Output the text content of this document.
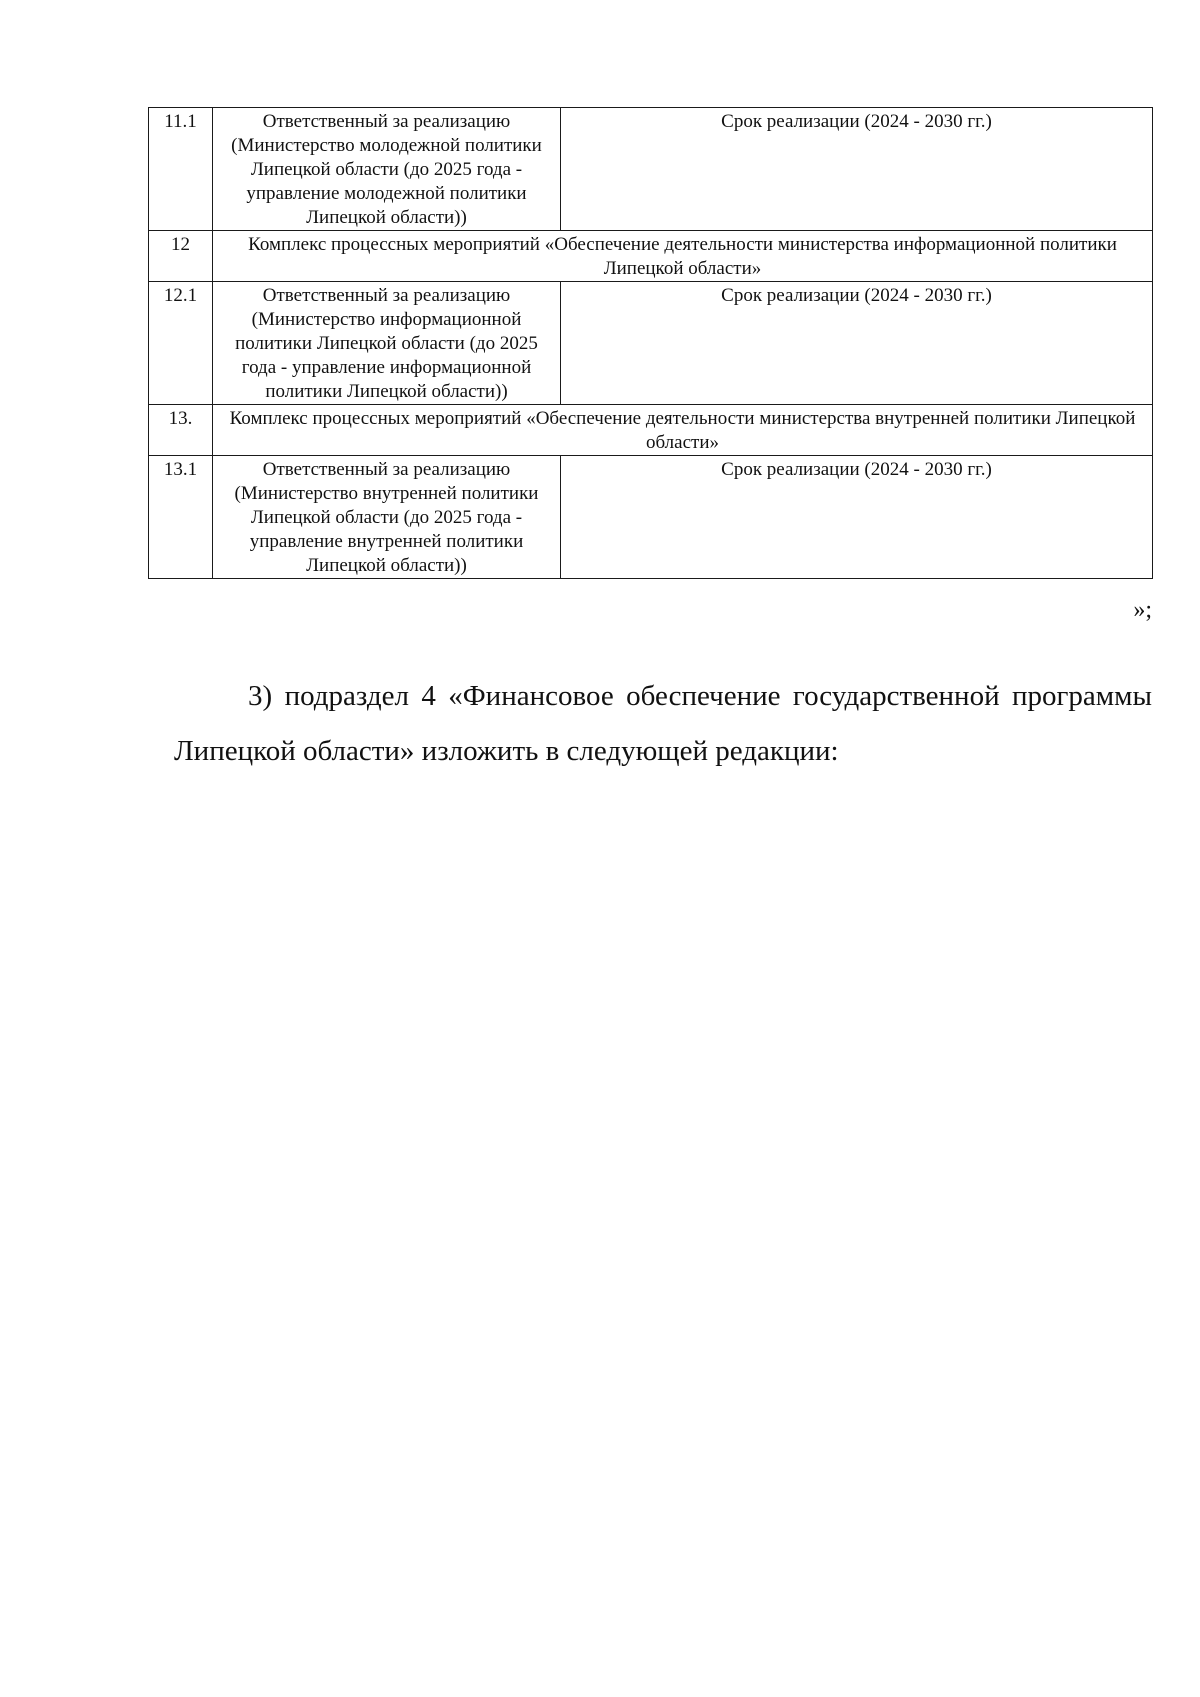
11.1	Ответственный за реализацию (Министерство молодежной политики Липецкой области (до 2025 года - управление молодежной политики Липецкой области))	Срок реализации (2024 - 2030 гг.)
12	Комплекс процессных мероприятий «Обеспечение деятельности министерства информационной политики Липецкой области»	
12.1	Ответственный за реализацию (Министерство информационной политики Липецкой области (до 2025 года - управление информационной политики Липецкой области))	Срок реализации (2024 - 2030 гг.)
13.	Комплекс процессных мероприятий «Обеспечение деятельности министерства внутренней политики Липецкой области»	
13.1	Ответственный за реализацию (Министерство внутренней политики Липецкой области (до 2025 года - управление внутренней политики Липецкой области))	Срок реализации (2024 - 2030 гг.)
»;

3) подраздел 4 «Финансовое обеспечение государственной программы Липецкой области» изложить в следующей редакции:
